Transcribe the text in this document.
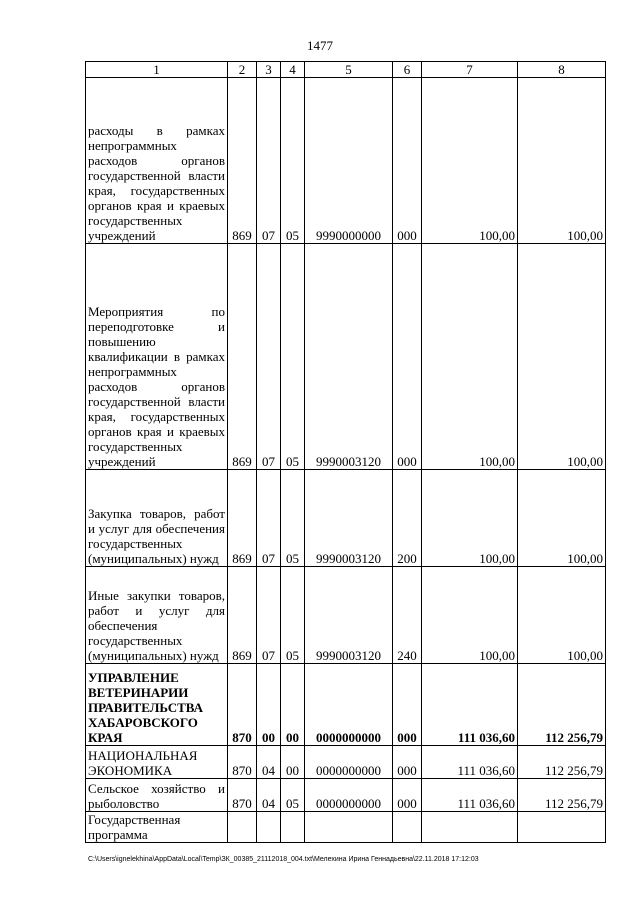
1477
1	2	3	4	5	6	7	8
расходы в рамках непрограммных расходов органов государственной власти края, государственных органов края и краевых государственных учреждений	869	07	05	9990000000	000	100,00	100,00
Мероприятия по переподготовке и повышению квалификации в рамках непрограммных расходов органов государственной власти края, государственных органов края и краевых государственных учреждений	869	07	05	9990003120	000	100,00	100,00
Закупка товаров, работ и услуг для обеспечения государственных (муниципальных) нужд	869	07	05	9990003120	200	100,00	100,00
Иные закупки товаров, работ и услуг для обеспечения государственных (муниципальных) нужд	869	07	05	9990003120	240	100,00	100,00
УПРАВЛЕНИЕ ВЕТЕРИНАРИИ ПРАВИТЕЛЬСТВА ХАБАРОВСКОГО КРАЯ	870	00	00	0000000000	000	111 036,60	112 256,79
НАЦИОНАЛЬНАЯ ЭКОНОМИКА	870	04	00	0000000000	000	111 036,60	112 256,79
Сельское хозяйство и рыболовство	870	04	05	0000000000	000	111 036,60	112 256,79
Государственная программа							
C:\Users\ignelekhina\AppData\Local\Temp\ЗК_00385_21112018_004.txt\Мелехина Ирина Геннадьевна\22.11.2018 17:12:03
